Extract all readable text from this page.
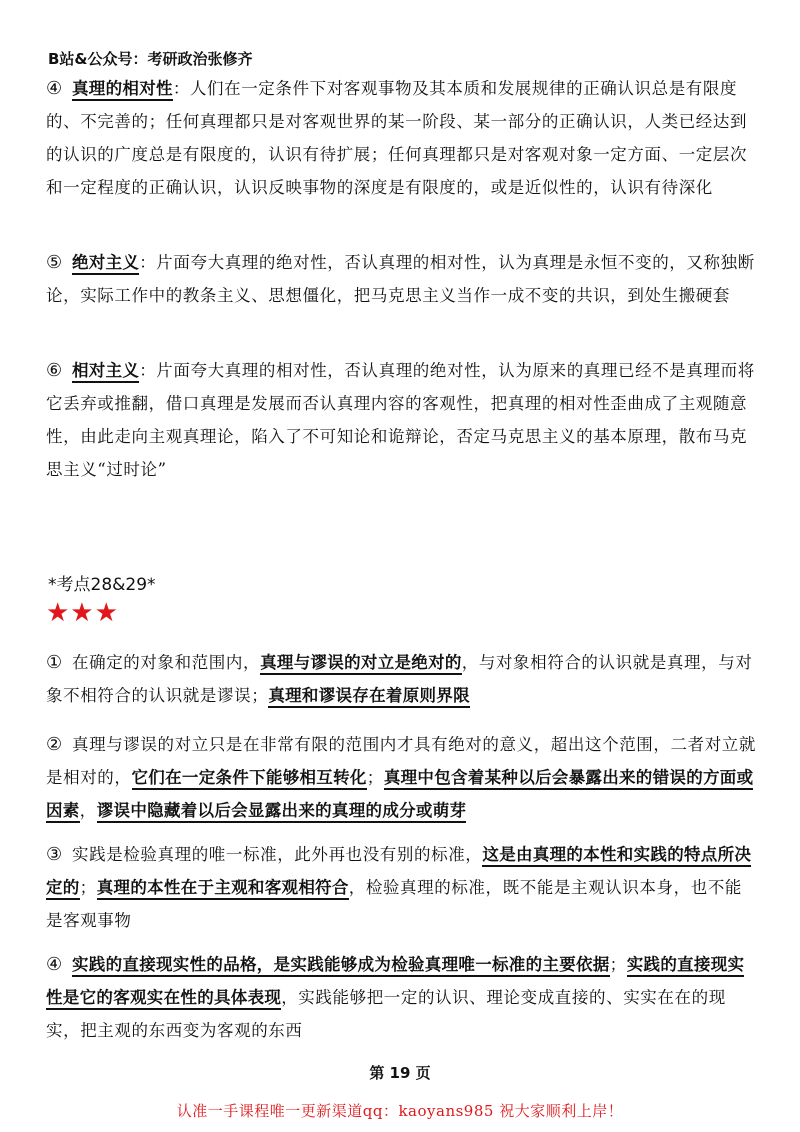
B站&公众号：考研政治张修齐
④ 真理的相对性：人们在一定条件下对客观事物及其本质和发展规律的正确认识总是有限度的、不完善的；任何真理都只是对客观世界的某一阶段、某一部分的正确认识，人类已经达到的认识的广度总是有限度的，认识有待扩展；任何真理都只是对客观对象一定方面、一定层次和一定程度的正确认识，认识反映事物的深度是有限度的，或是近似性的，认识有待深化
⑤ 绝对主义：片面夸大真理的绝对性，否认真理的相对性，认为真理是永恒不变的，又称独断论，实际工作中的教条主义、思想僵化，把马克思主义当作一成不变的共识，到处生搬硬套
⑥ 相对主义：片面夸大真理的相对性，否认真理的绝对性，认为原来的真理已经不是真理而将它丢弃或推翻，借口真理是发展而否认真理内容的客观性，把真理的相对性歪曲成了主观随意性，由此走向主观真理论，陷入了不可知论和诡辩论，否定马克思主义的基本原理，散布马克思主义“过时论”
*考点28&29*
★★★
① 在确定的对象和范围内，真理与谬误的对立是绝对的，与对象相符合的认识就是真理，与对象不相符合的认识就是谬误；真理和谬误存在着原则界限
② 真理与谬误的对立只是在非常有限的范围内才具有绝对的意义，超出这个范围，二者对立就是相对的，它们在一定条件下能够相互转化；真理中包含着某种以后会暴露出来的错误的方面或因素，谬误中隐藏着以后会显露出来的真理的成分或萌芽
③ 实践是检验真理的唯一标准，此外再也没有别的标准，这是由真理的本性和实践的特点所决定的；真理的本性在于主观和客观相符合，检验真理的标准，既不能是主观认识本身，也不能是客观事物
④ 实践的直接现实性的品格，是实践能够成为检验真理唯一标准的主要依据；实践的直接现实性是它的客观实在性的具体表现，实践能够把一定的认识、理论变成直接的、实实在在的现实，把主观的东西变为客观的东西
第 19 页
认准一手课程唯一更新渠道qq：kaoyans985 祝大家顺利上岸！
